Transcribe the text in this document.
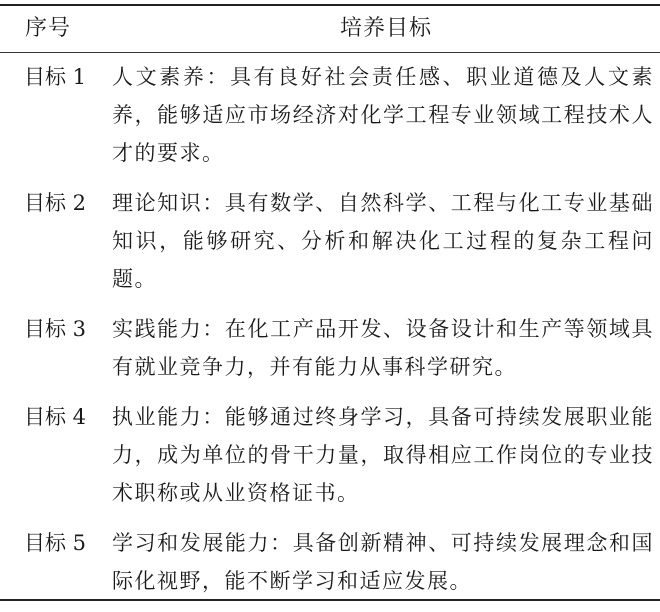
序号	培养目标
目标 1	人文素养：具有良好社会责任感、职业道德及人文素养，能够适应市场经济对化学工程专业领域工程技术人才的要求。
目标 2	理论知识：具有数学、自然科学、工程与化工专业基础知识，能够研究、分析和解决化工过程的复杂工程问题。
目标 3	实践能力：在化工产品开发、设备设计和生产等领域具有就业竞争力，并有能力从事科学研究。
目标 4	执业能力：能够通过终身学习，具备可持续发展职业能力，成为单位的骨干力量，取得相应工作岗位的专业技术职称或从业资格证书。
目标 5	学习和发展能力：具备创新精神、可持续发展理念和国际化视野，能不断学习和适应发展。
